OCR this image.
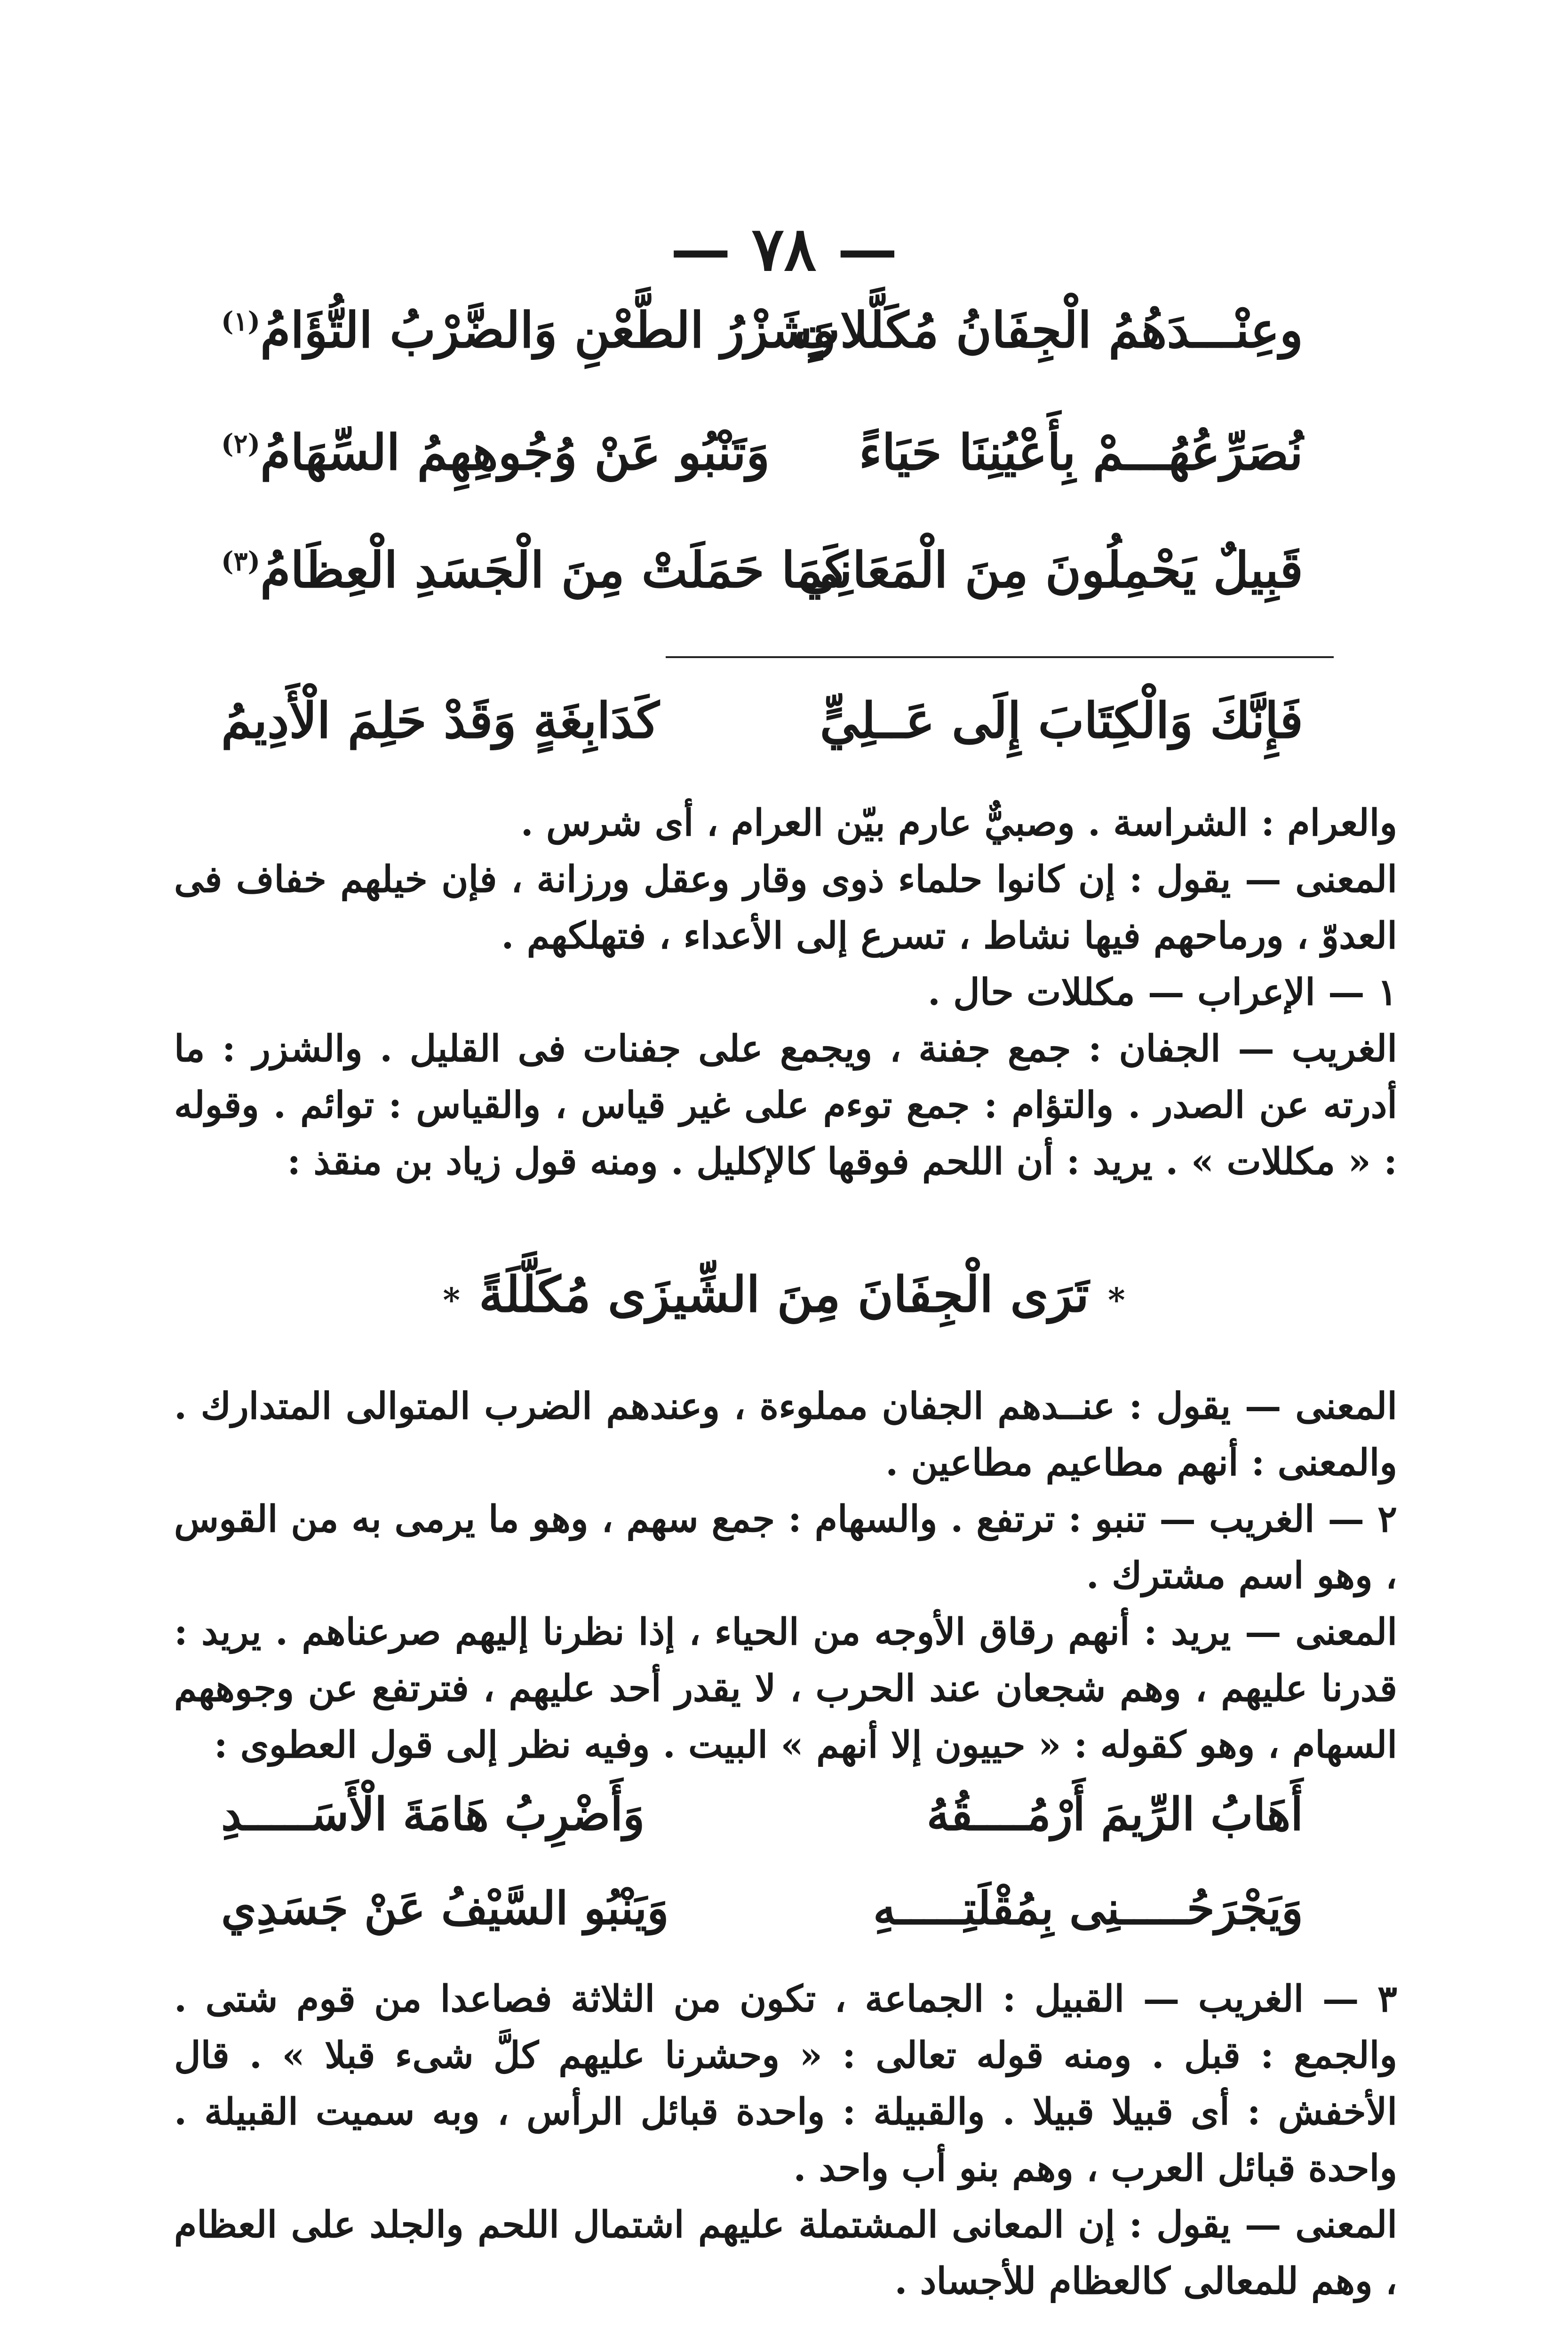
— ٧٨ —
وعِنْـــدَهُمُ الْجِفَانُ مُكَلَّلاتٍ
وَشَزْرُ الطَّعْنِ وَالضَّرْبُ التُّؤَامُ$^{(١)}$
نُصَرِّعُهُـــمْ بِأَعْيُنِنَا حَيَاءً
وَتَنْبُو عَنْ وُجُوهِهِمُ السِّهَامُ$^{(٢)}$
قَبِيلٌ يَحْمِلُونَ مِنَ الْمَعَانِي
كَمَا حَمَلَتْ مِنَ الْجَسَدِ الْعِظَامُ$^{(٣)}$
فَإِنَّكَ وَالْكِتَابَ إِلَى عَــلِيٍّ
كَدَابِغَةٍ وَقَدْ حَلِمَ الْأَدِيمُ

والعرام : الشراسة . وصبيٌّ عارم بيّن العرام ، أى شرس .

المعنى — يقول : إن كانوا حلماء ذوى وقار وعقل ورزانة ، فإن خيلهم خفاف فى العدوّ ، ورماحهم فيها نشاط ، تسرع إلى الأعداء ، فتهلكهم .

١ — الإعراب — مكللات حال .

الغريب — الجفان : جمع جفنة ، ويجمع على جفنات فى القليل . والشزر : ما أدرته عن الصدر . والتؤام : جمع توءم على غير قياس ، والقياس : توائم . وقوله : « مكللات » . يريد : أن اللحم فوقها كالإكليل . ومنه قول زياد بن منقذ :

*تَرَى الْجِفَانَ مِنَ الشِّيزَى مُكَلَّلَةً*

المعنى — يقول : عنــدهم الجفان مملوءة ، وعندهم الضرب المتوالى المتدارك . والمعنى : أنهم مطاعيم مطاعين .

٢ — الغريب — تنبو : ترتفع . والسهام : جمع سهم ، وهو ما يرمى به من القوس ، وهو اسم مشترك .

المعنى — يريد : أنهم رقاق الأوجه من الحياء ، إذا نظرنا إليهم صرعناهم . يريد : قدرنا عليهم ، وهم شجعان عند الحرب ، لا يقدر أحد عليهم ، فترتفع عن وجوههم السهام ، وهو كقوله : « حييون إلا أنهم » البيت . وفيه نظر إلى قول العطوى :

أَهَابُ الرِّيمَ أَرْمُــــقُهُ
وَأَضْرِبُ هَامَةَ الْأَسَـــــدِ
وَيَجْرَحُـــــنِى بِمُقْلَتِـــــهِ
وَيَنْبُو السَّيْفُ عَنْ جَسَدِي

٣ — الغريب — القبيل : الجماعة ، تكون من الثلاثة فصاعدا من قوم شتى . والجمع : قبل . ومنه قوله تعالى : « وحشرنا عليهم كلَّ شىء قبلا » . قال الأخفش : أى قبيلا قبيلا . والقبيلة : واحدة قبائل الرأس ، وبه سميت القبيلة . واحدة قبائل العرب ، وهم بنو أب واحد .

المعنى — يقول : إن المعانى المشتملة عليهم اشتمال اللحم والجلد على العظام ، وهم للمعالى كالعظام للأجساد .
